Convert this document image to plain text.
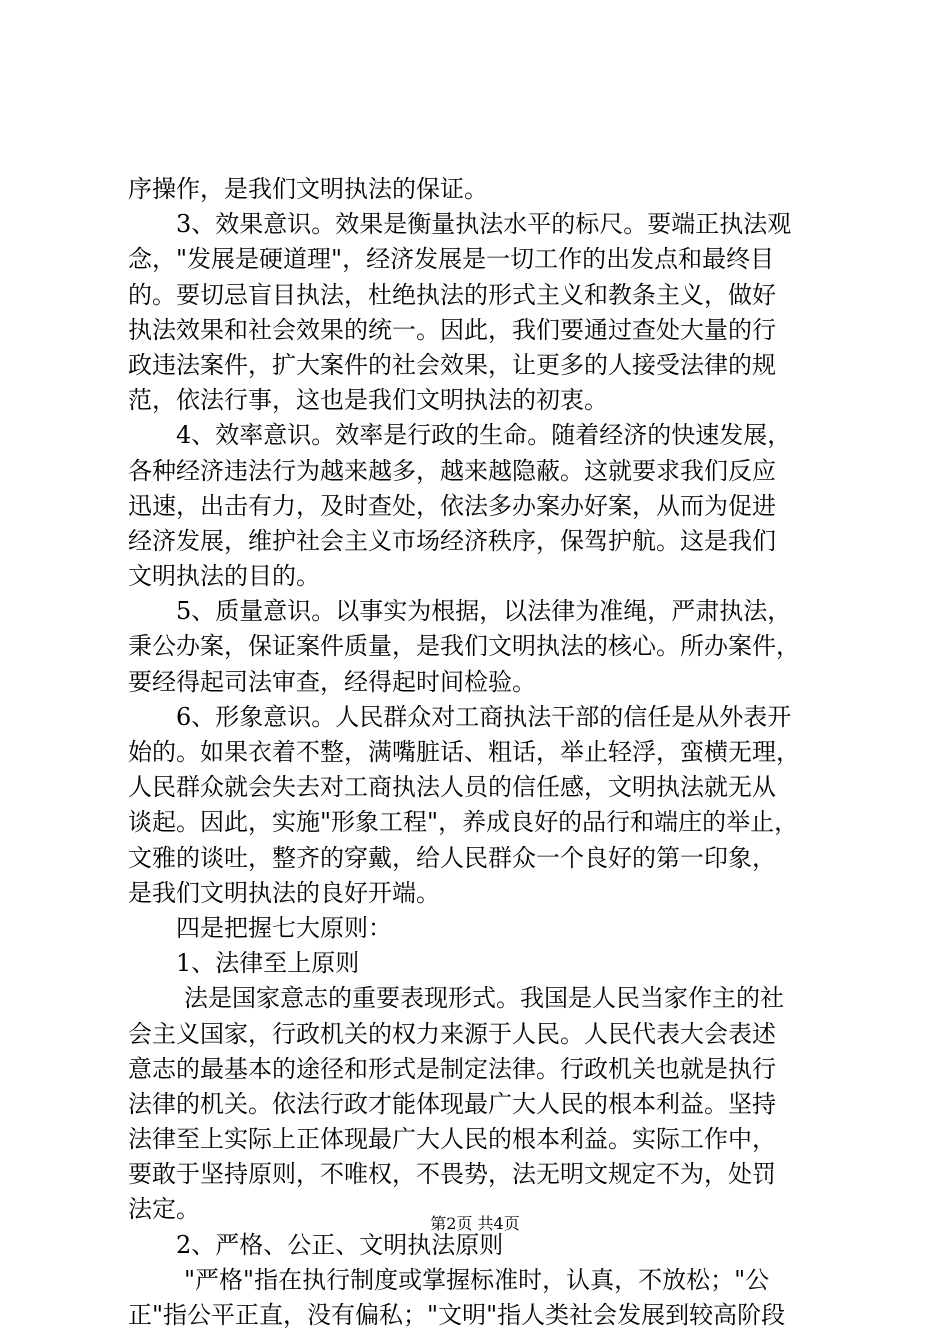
序操作，是我们文明执法的保证。
3、效果意识。效果是衡量执法水平的标尺。要端正执法观
念，"发展是硬道理"，经济发展是一切工作的出发点和最终目
的。要切忌盲目执法，杜绝执法的形式主义和教条主义，做好
执法效果和社会效果的统一。因此，我们要通过查处大量的行
政违法案件，扩大案件的社会效果，让更多的人接受法律的规
范，依法行事，这也是我们文明执法的初衷。
4、效率意识。效率是行政的生命。随着经济的快速发展，
各种经济违法行为越来越多，越来越隐蔽。这就要求我们反应
迅速，出击有力，及时查处，依法多办案办好案，从而为促进
经济发展，维护社会主义市场经济秩序，保驾护航。这是我们
文明执法的目的。
5、质量意识。以事实为根据，以法律为准绳，严肃执法，
秉公办案，保证案件质量，是我们文明执法的核心。所办案件，
要经得起司法审查，经得起时间检验。
6、形象意识。人民群众对工商执法干部的信任是从外表开
始的。如果衣着不整，满嘴脏话、粗话，举止轻浮，蛮横无理，
人民群众就会失去对工商执法人员的信任感，文明执法就无从
谈起。因此，实施"形象工程"，养成良好的品行和端庄的举止，
文雅的谈吐，整齐的穿戴，给人民群众一个良好的第一印象，
是我们文明执法的良好开端。
四是把握七大原则：
1、法律至上原则
法是国家意志的重要表现形式。我国是人民当家作主的社
会主义国家，行政机关的权力来源于人民。人民代表大会表述
意志的最基本的途径和形式是制定法律。行政机关也就是执行
法律的机关。依法行政才能体现最广大人民的根本利益。坚持
法律至上实际上正体现最广大人民的根本利益。实际工作中，
要敢于坚持原则，不唯权，不畏势，法无明文规定不为，处罚
法定。
2、严格、公正、文明执法原则
"严格"指在执行制度或掌握标准时，认真，不放松；"公
正"指公平正直，没有偏私；"文明"指人类社会发展到较高阶段
第2页 共4页
